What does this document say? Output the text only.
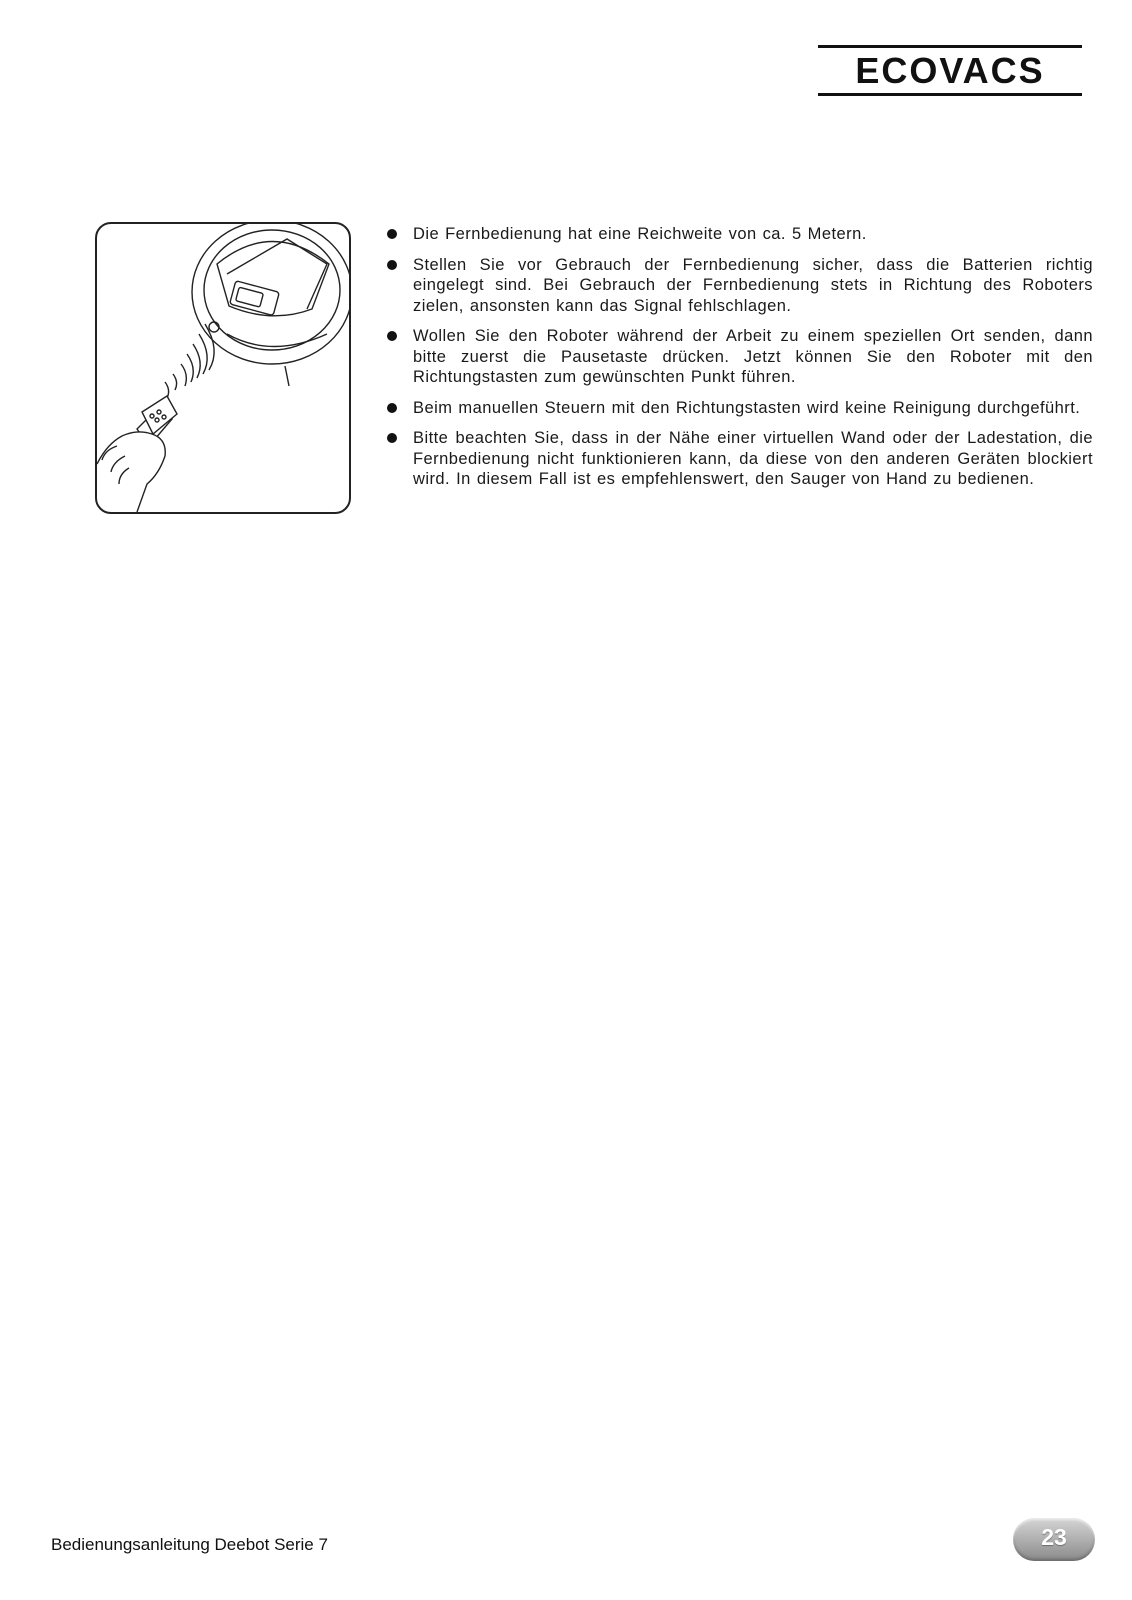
ECOVACS
Die Fernbedienung hat eine Reichweite von ca. 5 Metern.
Stellen Sie vor Gebrauch der Fernbedienung sicher, dass die Batterien richtig eingelegt sind. Bei Gebrauch der Fernbedienung stets in Richtung des Roboters zielen, ansonsten kann das Signal fehlschlagen.
Wollen Sie den Roboter während der Arbeit zu einem speziellen Ort senden, dann bitte zuerst die Pausetaste drücken. Jetzt können Sie den Roboter mit den Richtungstasten zum gewünschten Punkt führen.
Beim manuellen Steuern mit den Richtungstasten wird keine Reinigung durchgeführt.
Bitte beachten Sie, dass in der Nähe einer virtuellen Wand oder der Ladestation, die Fernbedienung nicht funktionieren kann, da diese von den anderen Geräten blockiert wird. In diesem Fall ist es empfehlenswert, den Sauger von Hand zu bedienen.
Bedienungsanleitung Deebot Serie 7	23
